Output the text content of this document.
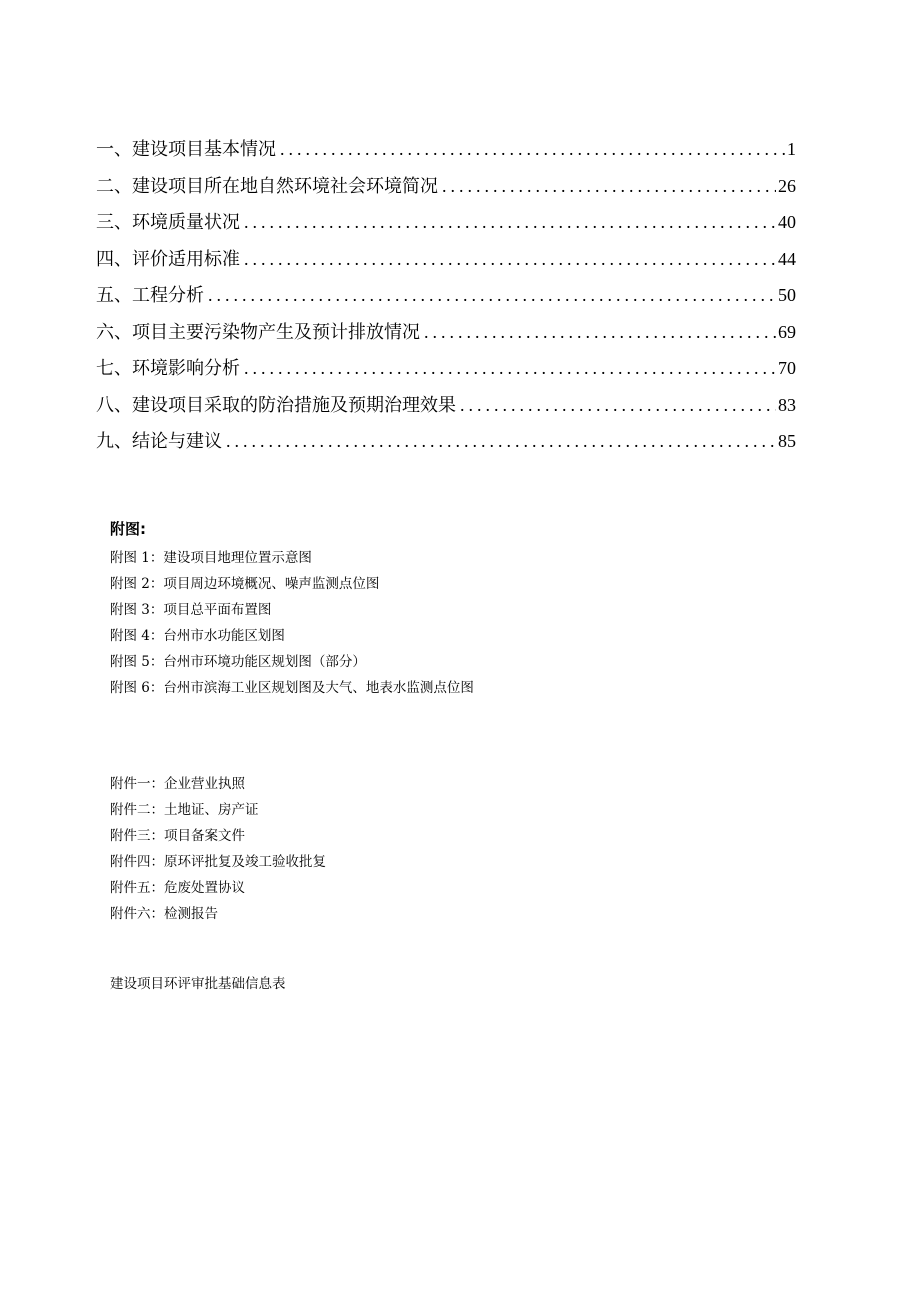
一、建设项目基本情况 .....	1
二、建设项目所在地自然环境社会环境简况 .....	26
三、环境质量状况 .....	40
四、评价适用标准 .....	44
五、工程分析 .....	50
六、项目主要污染物产生及预计排放情况 .....	69
七、环境影响分析 .....	70
八、建设项目采取的防治措施及预期治理效果 .....	83
九、结论与建议 .....	85
附图:
附图 1：建设项目地理位置示意图
附图 2：项目周边环境概况、噪声监测点位图
附图 3：项目总平面布置图
附图 4：台州市水功能区划图
附图 5：台州市环境功能区规划图（部分）
附图 6：台州市滨海工业区规划图及大气、地表水监测点位图
附件一：企业营业执照
附件二：土地证、房产证
附件三：项目备案文件
附件四：原环评批复及竣工验收批复
附件五：危废处置协议
附件六：检测报告
建设项目环评审批基础信息表
